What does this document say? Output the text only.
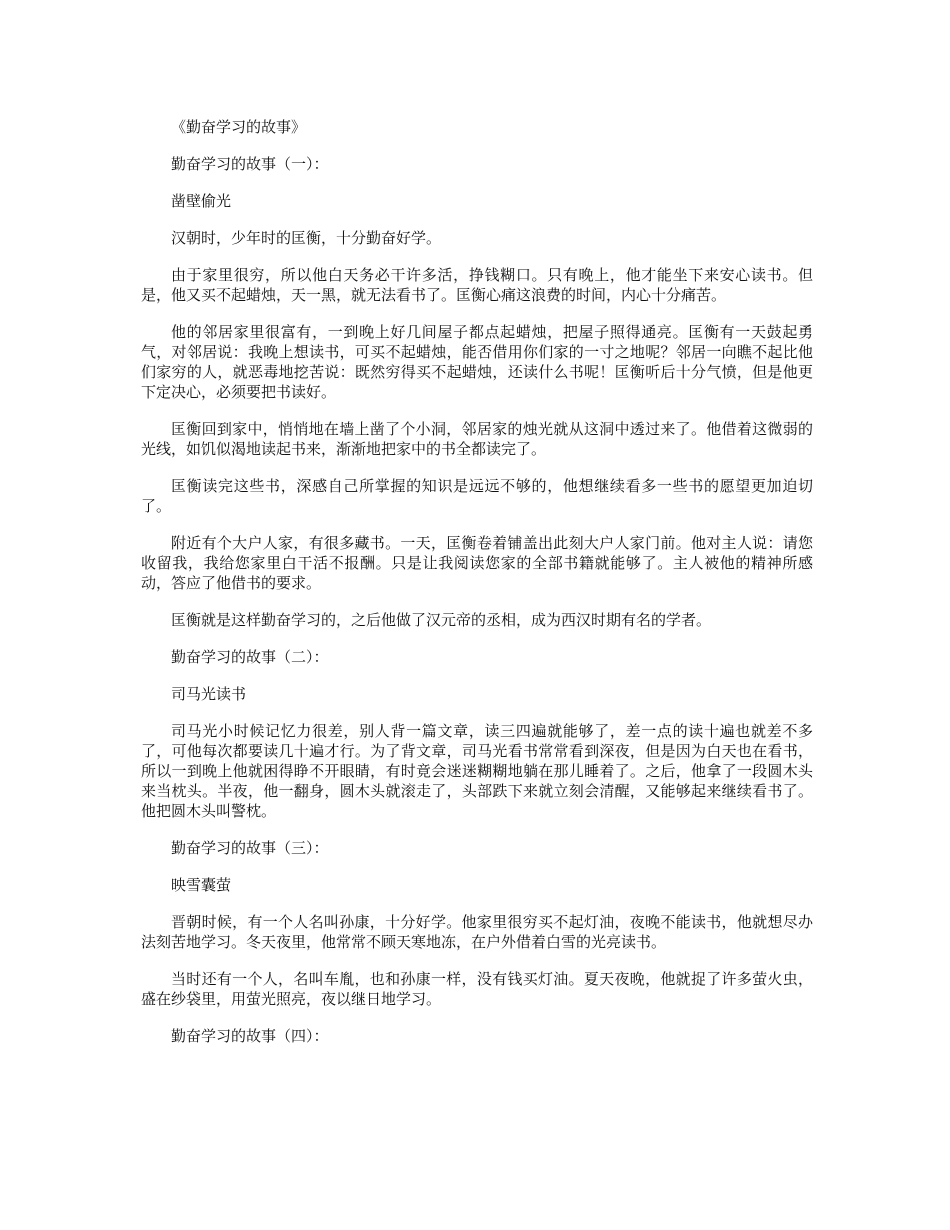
《勤奋学习的故事》

勤奋学习的故事（一）：

凿壁偷光

汉朝时，少年时的匡衡，十分勤奋好学。

由于家里很穷，所以他白天务必干许多活，挣钱糊口。只有晚上，他才能坐下来安心读书。但是，他又买不起蜡烛，天一黑，就无法看书了。匡衡心痛这浪费的时间，内心十分痛苦。

他的邻居家里很富有，一到晚上好几间屋子都点起蜡烛，把屋子照得通亮。匡衡有一天鼓起勇气，对邻居说：我晚上想读书，可买不起蜡烛，能否借用你们家的一寸之地呢？邻居一向瞧不起比他们家穷的人，就恶毒地挖苦说：既然穷得买不起蜡烛，还读什么书呢！匡衡听后十分气愤，但是他更下定决心，必须要把书读好。

匡衡回到家中，悄悄地在墙上凿了个小洞，邻居家的烛光就从这洞中透过来了。他借着这微弱的光线，如饥似渴地读起书来，渐渐地把家中的书全都读完了。

匡衡读完这些书，深感自己所掌握的知识是远远不够的，他想继续看多一些书的愿望更加迫切了。

附近有个大户人家，有很多藏书。一天，匡衡卷着铺盖出此刻大户人家门前。他对主人说：请您收留我，我给您家里白干活不报酬。只是让我阅读您家的全部书籍就能够了。主人被他的精神所感动，答应了他借书的要求。

匡衡就是这样勤奋学习的，之后他做了汉元帝的丞相，成为西汉时期有名的学者。

勤奋学习的故事（二）：

司马光读书

司马光小时候记忆力很差，别人背一篇文章，读三四遍就能够了，差一点的读十遍也就差不多了，可他每次都要读几十遍才行。为了背文章，司马光看书常常看到深夜，但是因为白天也在看书，所以一到晚上他就困得睁不开眼睛，有时竟会迷迷糊糊地躺在那儿睡着了。之后，他拿了一段圆木头来当枕头。半夜，他一翻身，圆木头就滚走了，头部跌下来就立刻会清醒，又能够起来继续看书了。他把圆木头叫警枕。

勤奋学习的故事（三）：

映雪囊萤

晋朝时候，有一个人名叫孙康，十分好学。他家里很穷买不起灯油，夜晚不能读书，他就想尽办法刻苦地学习。冬天夜里，他常常不顾天寒地冻，在户外借着白雪的光亮读书。

当时还有一个人，名叫车胤，也和孙康一样，没有钱买灯油。夏天夜晚，他就捉了许多萤火虫，盛在纱袋里，用萤光照亮，夜以继日地学习。

勤奋学习的故事（四）：
